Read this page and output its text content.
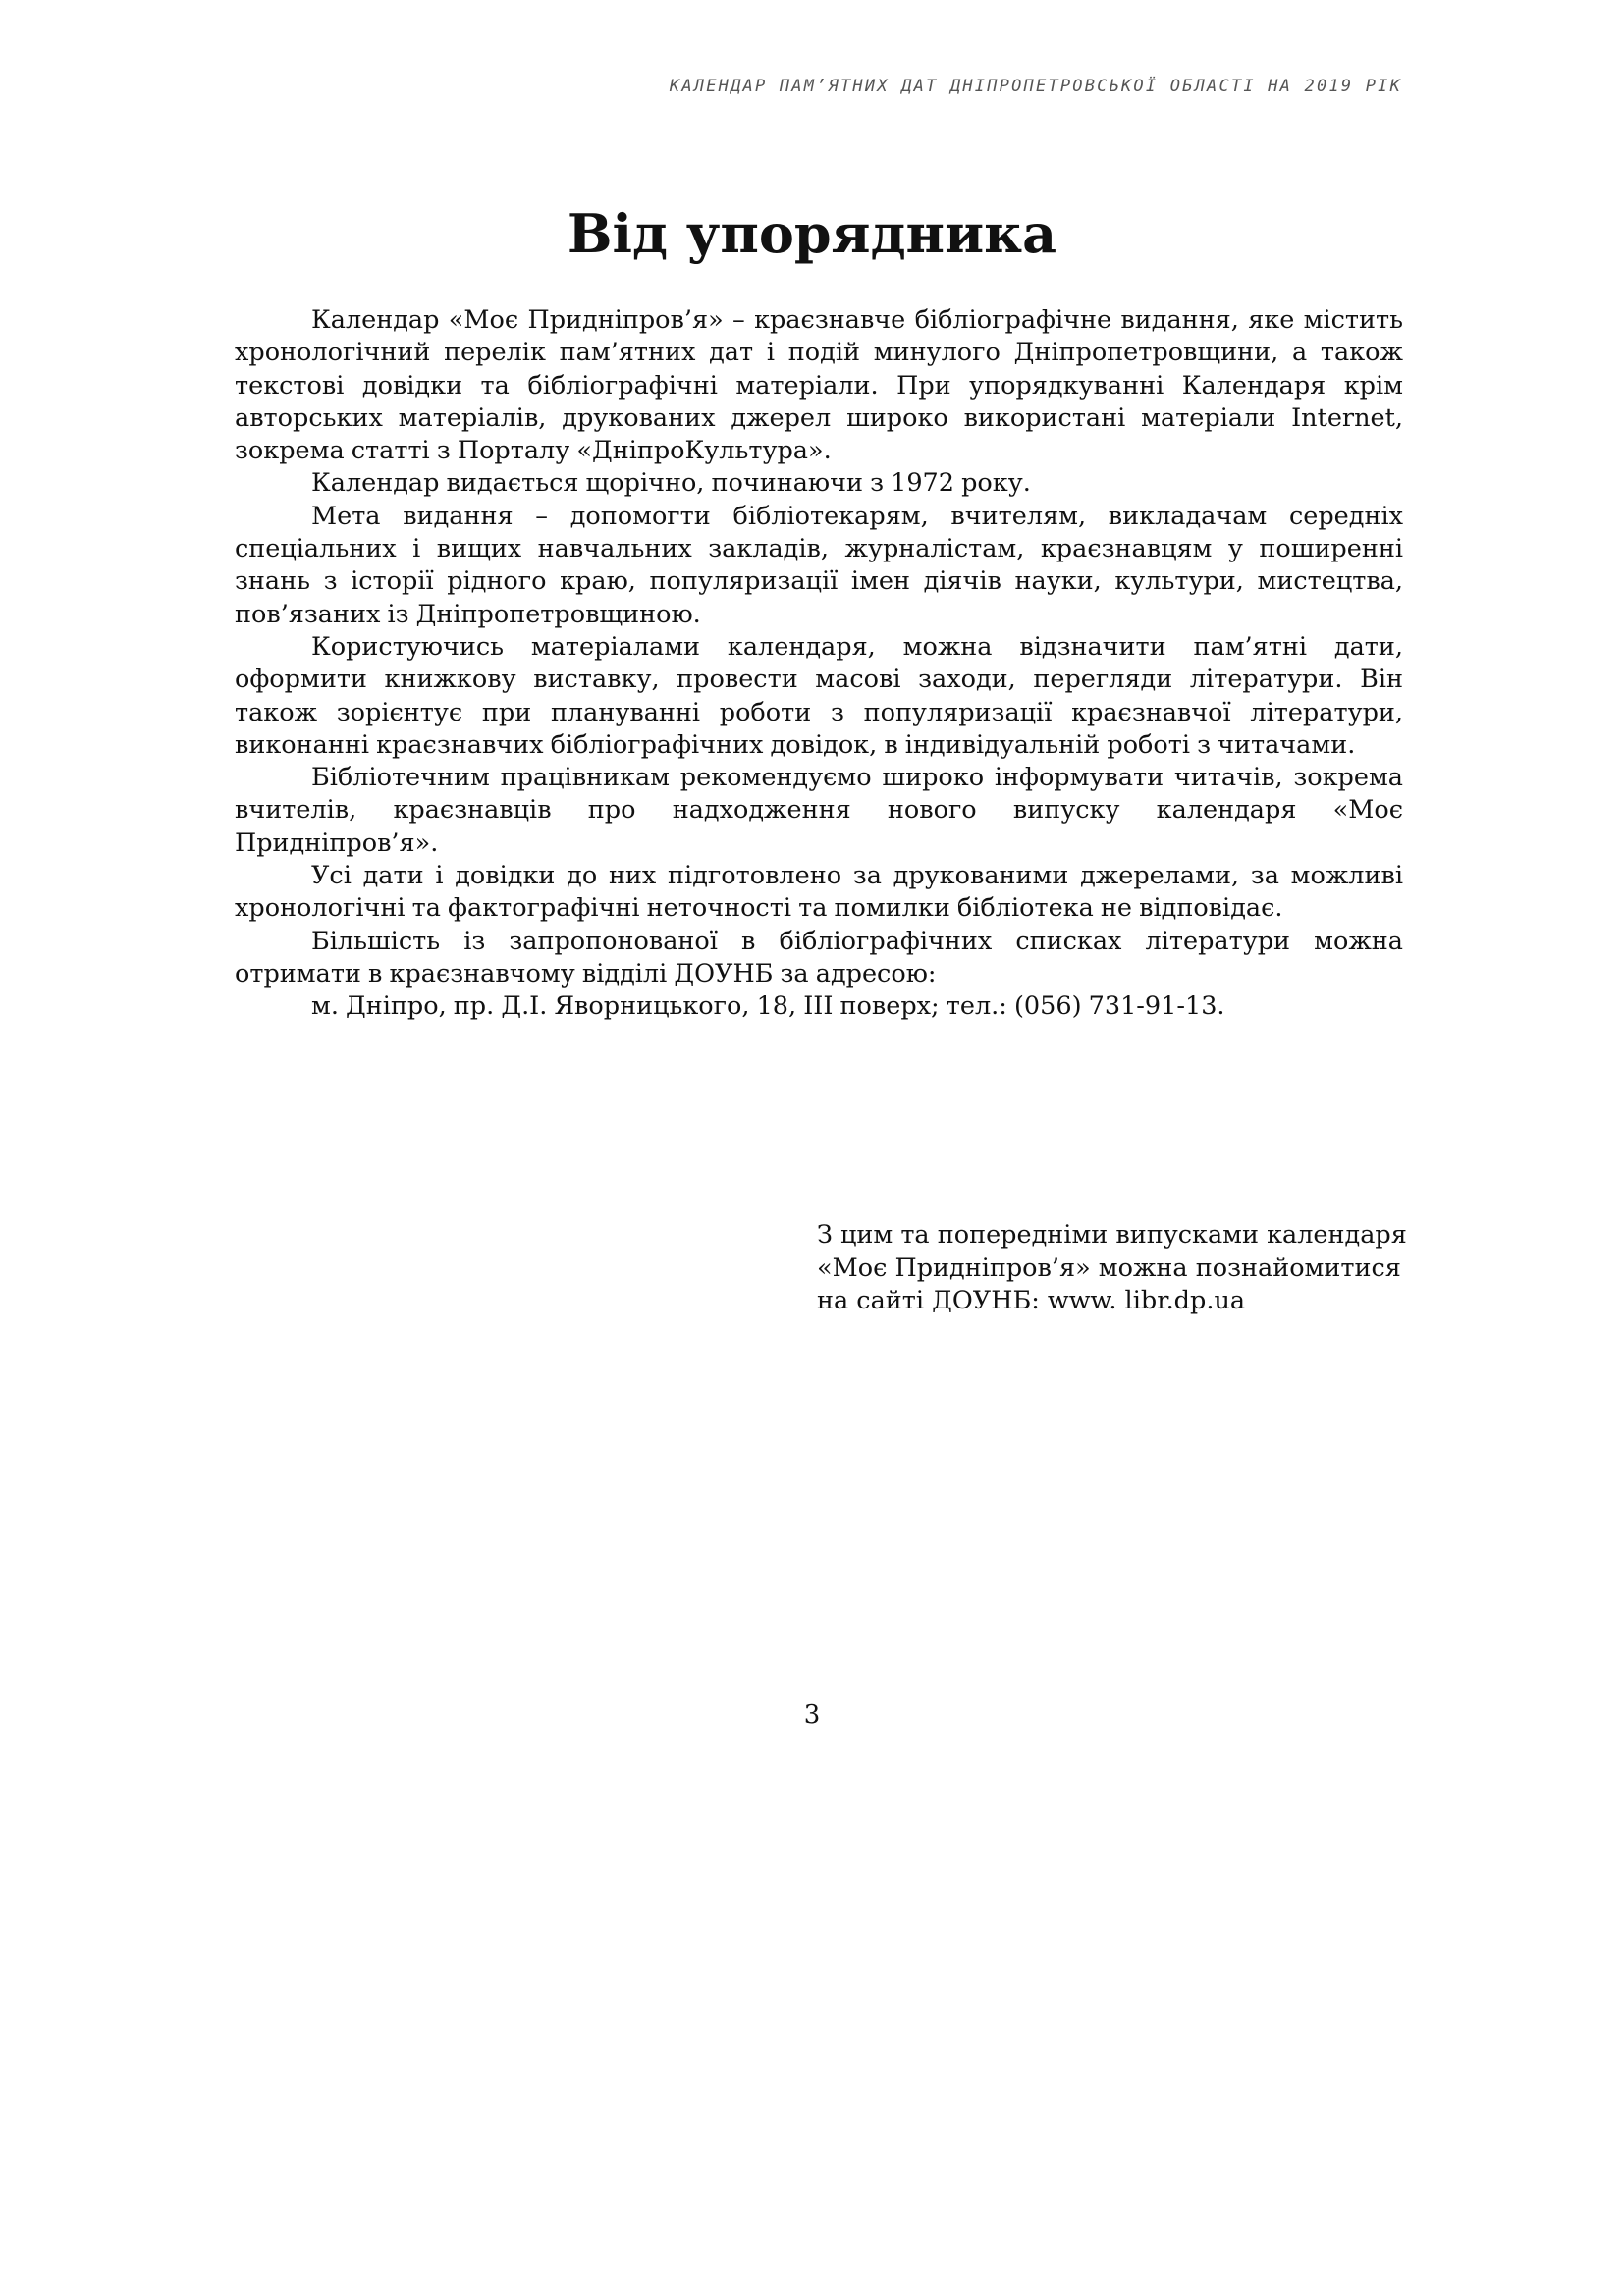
КАЛЕНДАР ПАМ’ЯТНИХ ДАТ ДНІПРОПЕТРОВСЬКОЇ ОБЛАСТІ НА 2019 РІК
Від упорядника

Календар «Моє Придніпров’я» – краєзнавче бібліографічне видання, яке містить хронологічний перелік пам’ятних дат і подій минулого Дніпропетровщини, а також текстові довідки та бібліографічні матеріали. При упорядкуванні Календаря крім авторських матеріалів, друкованих джерел широко використані матеріали Internet, зокрема статті з Порталу «ДніпроКультура».

Календар видається щорічно, починаючи з 1972 року.

Мета видання – допомогти бібліотекарям, вчителям, викладачам середніх спеціальних і вищих навчальних закладів, журналістам, краєзнавцям у поширенні знань з історії рідного краю, популяризації імен діячів науки, культури, мистецтва, пов’язаних із Дніпропетровщиною.

Користуючись матеріалами календаря, можна відзначити пам’ятні дати, оформити книжкову виставку, провести масові заходи, перегляди літератури. Він також зорієнтує при плануванні роботи з популяризації краєзнавчої літератури, виконанні краєзнавчих бібліографічних довідок, в індивідуальній роботі з читачами.

Бібліотечним працівникам рекомендуємо широко інформувати читачів, зокрема вчителів, краєзнавців про надходження нового випуску календаря «Моє Придніпров’я».

Усі дати і довідки до них підготовлено за друкованими джерелами, за можливі хронологічні та фактографічні неточності та помилки бібліотека не відповідає.

Більшість із запропонованої в бібліографічних списках літератури можна отримати в краєзнавчому відділі ДОУНБ за адресою:

м. Дніпро, пр. Д.І. Яворницького, 18, ІІІ поверх; тел.: (056) 731-91-13.

З цим та попередніми випусками календаря
«Моє Придніпров’я» можна познайомитися
на сайті ДОУНБ: www. libr.dp.ua
3
